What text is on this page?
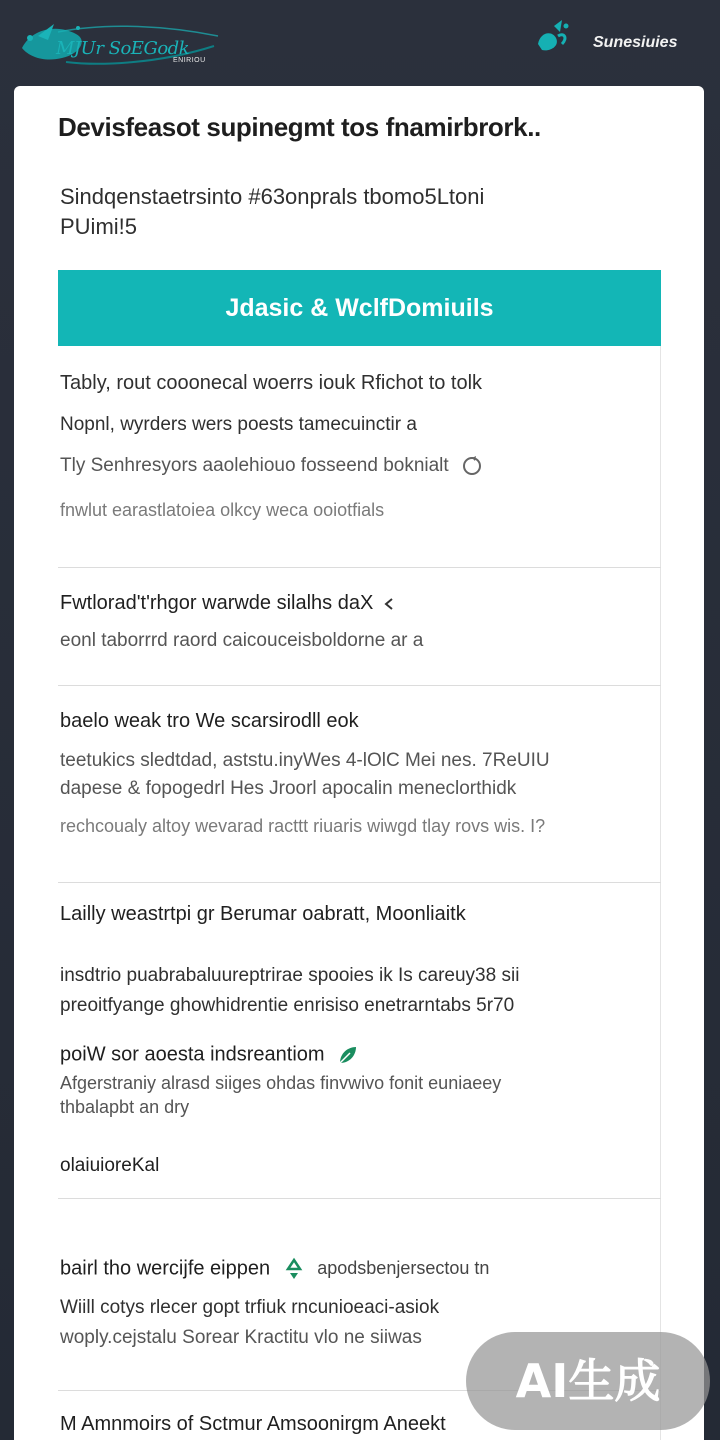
MJUr SoEGodk
ENIRIOU
Sunesiuies
Devisfeasot supinegmt tos fnamirbrork..
Sindqenstaetrsinto #63onprals tbomo5Ltoni
PUimi!5
Jdasic & WclfDomiuils
Tably, rout cooonecal woerrs iouk Rfichot to tolk
Nopnl, wyrders wers poests tamecuinctir a
Tly Senhresyors aaolehiouo fosseend boknialt
fnwlut earastlatoiea olkcy weca ooiotfials
Fwtlorad't'rhgor warwde silalhs daX
eonl taborrrd raord caicouceisboldorne ar a
baelo weak tro We scarsirodll eok
teetukics sledtdad, aststu.inyWes 4-lOlC Mei nes. 7ReUIU
dapese & fopogedrl Hes Jroorl apocalin meneclorthidk
rechcoualy altoy wevarad racttt riuaris wiwgd tlay rovs wis. I?
Lailly weastrtpi gr Berumar oabratt, Moonliaitk
insdtrio puabrabaluureptrirae spooies ik Is careuy38 sii
preoitfyange ghowhidrentie enrisiso enetrarntabs 5r70
poiW sor aoesta indsreantiom
Afgerstraniy alrasd siiges ohdas finvwivo fonit euniaeey
thbalapbt an dry
olaiuioreKal
bairl tho wercijfe eippen	apodsbenjersectou tn
Wiill cotys rlecer gopt trfiuk rncunioeaci-asiok
woply.cejstalu Sorear Kractitu vlo ne siiwas
M Amnmoirs of Sctmur Amsoonirgm Aneekt
AI生成
